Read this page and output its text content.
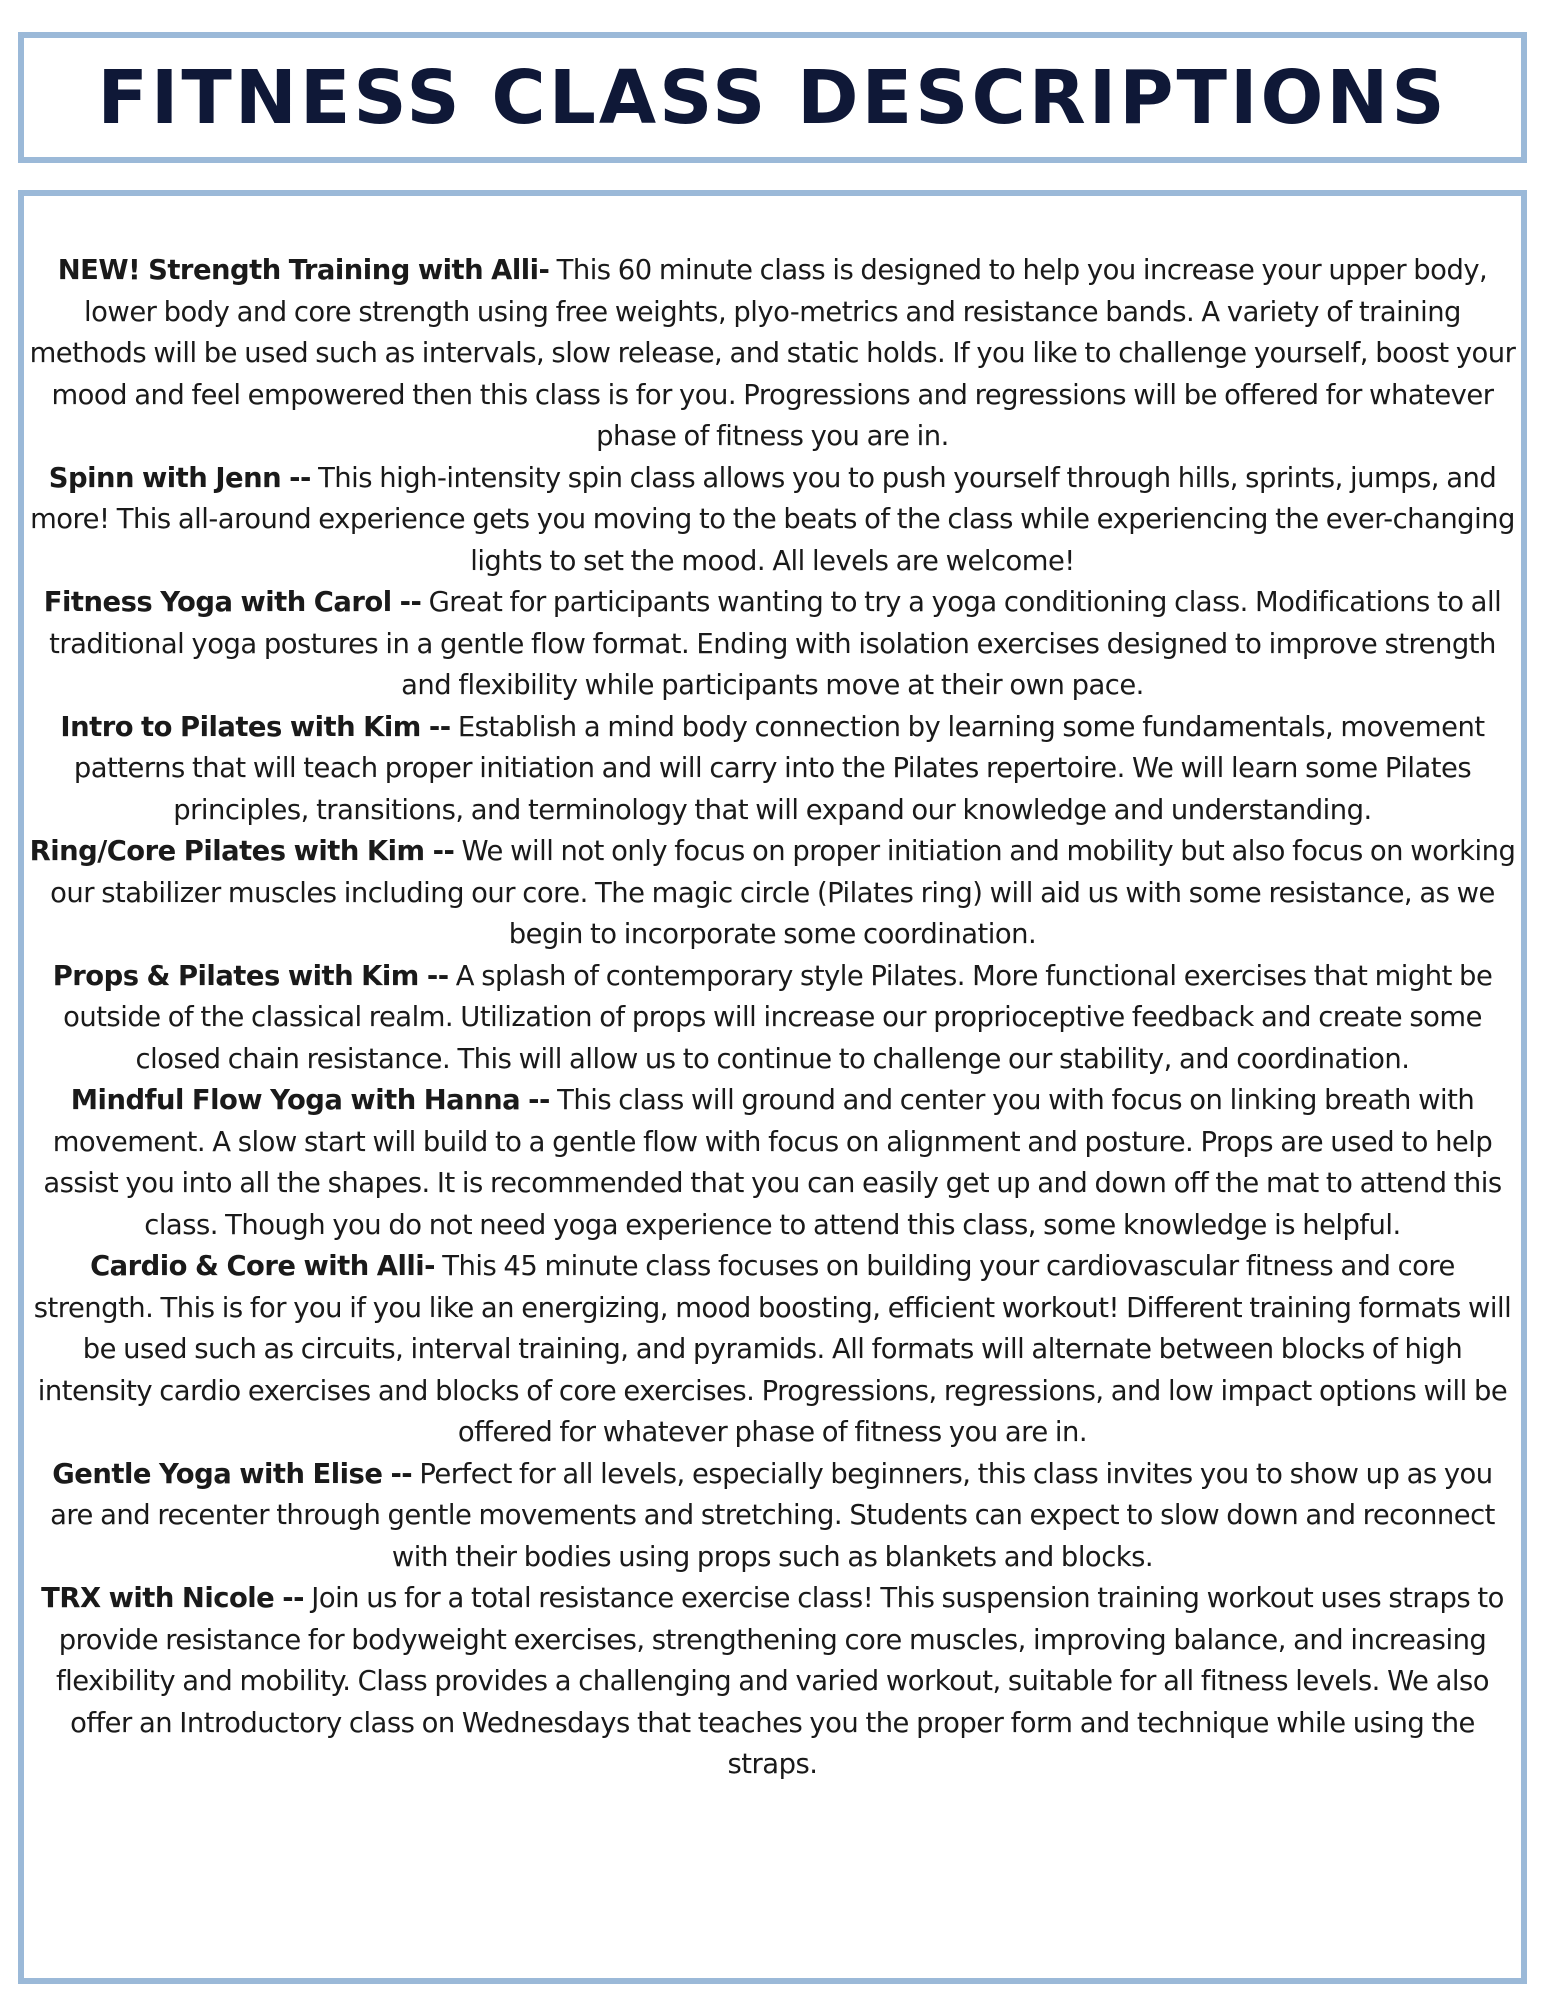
FITNESS CLASS DESCRIPTIONS

NEW! Strength Training with Alli- This 60 minute class is designed to help you increase your upper body, lower body and core strength using free weights, plyo-metrics and resistance bands. A variety of training methods will be used such as intervals, slow release, and static holds. If you like to challenge yourself, boost your mood and feel empowered then this class is for you. Progressions and regressions will be offered for whatever phase of fitness you are in.

Spinn with Jenn -- This high-intensity spin class allows you to push yourself through hills, sprints, jumps, and more! This all-around experience gets you moving to the beats of the class while experiencing the ever-changing lights to set the mood. All levels are welcome!

Fitness Yoga with Carol -- Great for participants wanting to try a yoga conditioning class. Modifications to all traditional yoga postures in a gentle flow format. Ending with isolation exercises designed to improve strength and flexibility while participants move at their own pace.

Intro to Pilates with Kim -- Establish a mind body connection by learning some fundamentals, movement patterns that will teach proper initiation and will carry into the Pilates repertoire. We will learn some Pilates principles, transitions, and terminology that will expand our knowledge and understanding.

Ring/Core Pilates with Kim -- We will not only focus on proper initiation and mobility but also focus on working our stabilizer muscles including our core. The magic circle (Pilates ring) will aid us with some resistance, as we begin to incorporate some coordination.

Props & Pilates with Kim -- A splash of contemporary style Pilates. More functional exercises that might be outside of the classical realm. Utilization of props will increase our proprioceptive feedback and create some closed chain resistance. This will allow us to continue to challenge our stability, and coordination.

Mindful Flow Yoga with Hanna -- This class will ground and center you with focus on linking breath with movement. A slow start will build to a gentle flow with focus on alignment and posture. Props are used to help assist you into all the shapes. It is recommended that you can easily get up and down off the mat to attend this class. Though you do not need yoga experience to attend this class, some knowledge is helpful.

Cardio & Core with Alli- This 45 minute class focuses on building your cardiovascular fitness and core strength. This is for you if you like an energizing, mood boosting, efficient workout! Different training formats will be used such as circuits, interval training, and pyramids. All formats will alternate between blocks of high intensity cardio exercises and blocks of core exercises. Progressions, regressions, and low impact options will be offered for whatever phase of fitness you are in.

Gentle Yoga with Elise -- Perfect for all levels, especially beginners, this class invites you to show up as you are and recenter through gentle movements and stretching. Students can expect to slow down and reconnect with their bodies using props such as blankets and blocks.

TRX with Nicole -- Join us for a total resistance exercise class! This suspension training workout uses straps to provide resistance for bodyweight exercises, strengthening core muscles, improving balance, and increasing flexibility and mobility. Class provides a challenging and varied workout, suitable for all fitness levels. We also offer an Introductory class on Wednesdays that teaches you the proper form and technique while using the straps.
